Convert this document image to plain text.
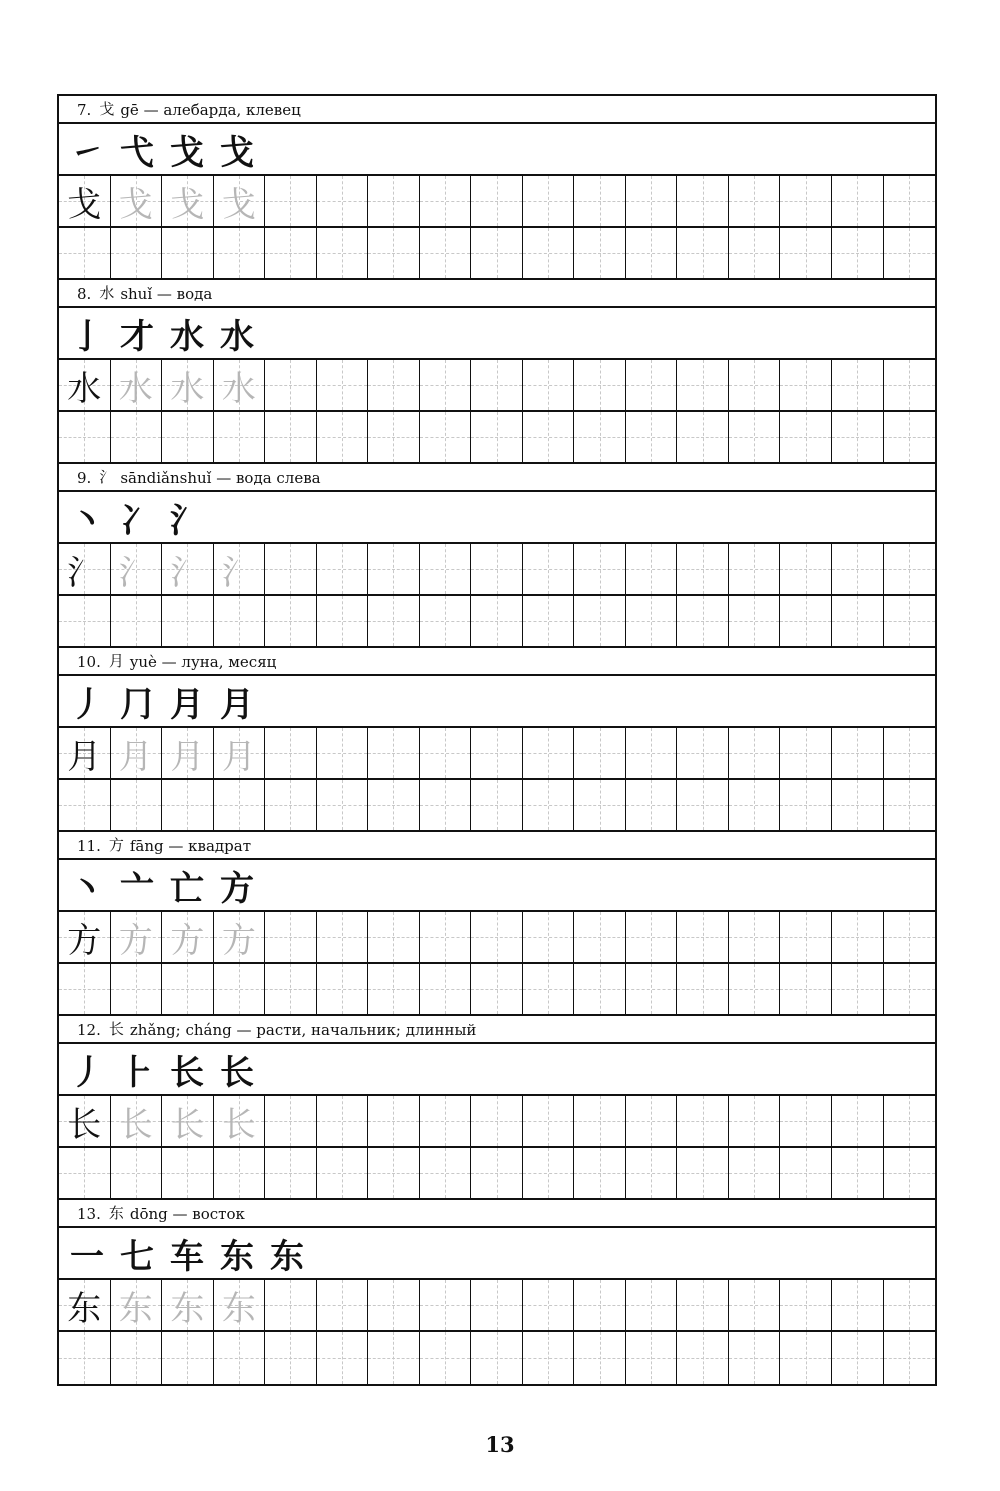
7. 戈 gē — алебарда, клевец
㇀ 弋 戈 戈
戈 戈 戈 戈
8. 水 shuǐ — вода
亅 才 水 水
水 水 水 水
9. 氵 sāndiǎnshuǐ — вода слева
丶 冫 氵
氵 氵 氵 氵
10. 月 yuè — луна, месяц
丿 ⺆ 月 月
月 月 月 月
11. 方 fāng — квадрат
丶 亠 亡 方
方 方 方 方
12. 长 zhǎng; cháng — расти, начальник; длинный
丿 ⺊ 长 长
长 长 长 长
13. 东 dōng — восток
一 七 车 东 东
东 东 东 东
13
